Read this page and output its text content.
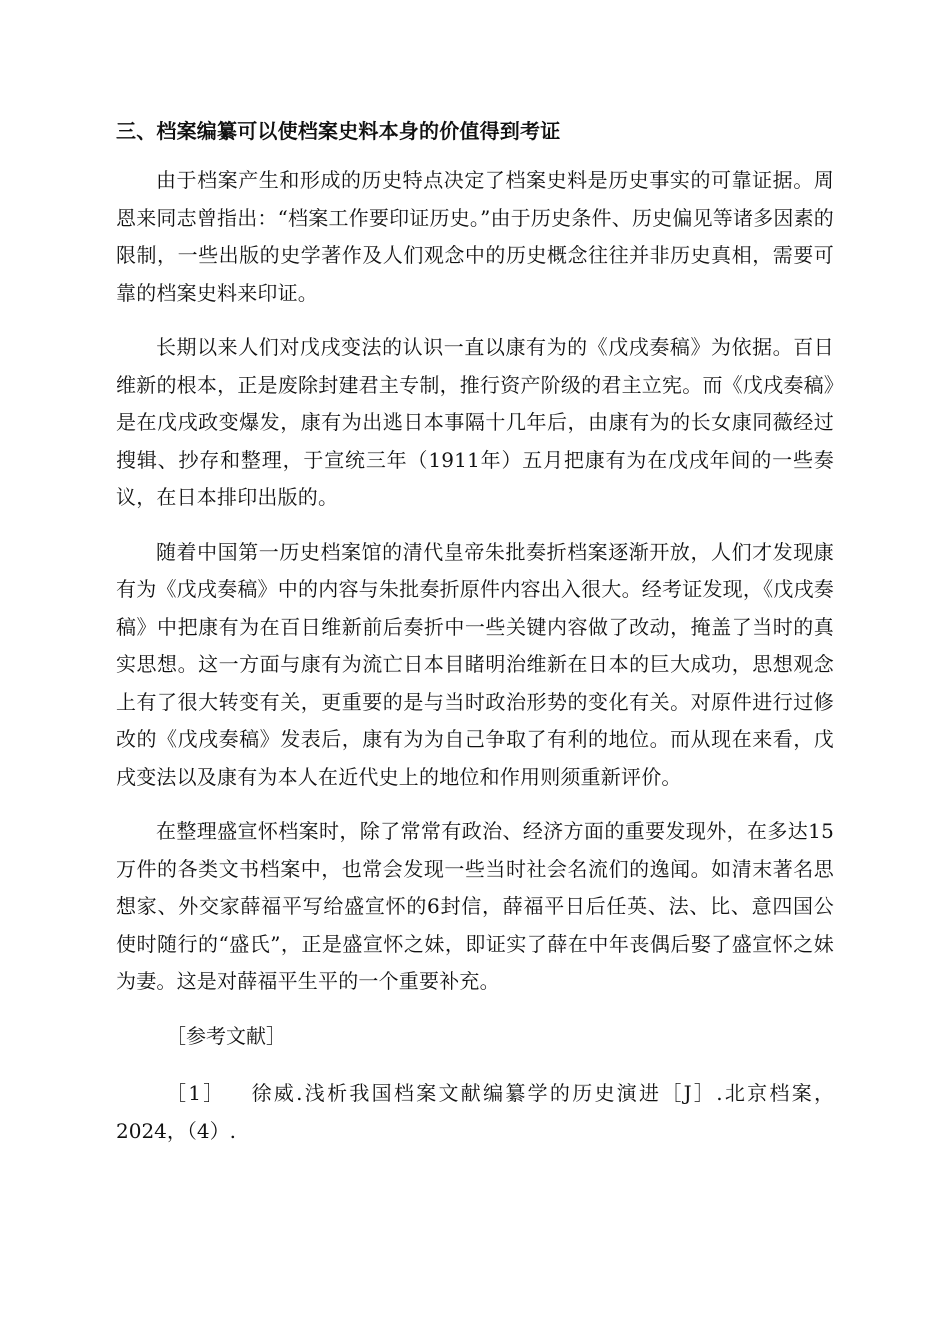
三、档案编纂可以使档案史料本身的价值得到考证

由于档案产生和形成的历史特点决定了档案史料是历史事实的可靠证据。周恩来同志曾指出：“档案工作要印证历史。”由于历史条件、历史偏见等诸多因素的限制，一些出版的史学著作及人们观念中的历史概念往往并非历史真相，需要可靠的档案史料来印证。

长期以来人们对戊戌变法的认识一直以康有为的《戊戌奏稿》为依据。百日维新的根本，正是废除封建君主专制，推行资产阶级的君主立宪。而《戊戌奏稿》是在戊戌政变爆发，康有为出逃日本事隔十几年后，由康有为的长女康同薇经过搜辑、抄存和整理，于宣统三年（1911年）五月把康有为在戊戌年间的一些奏议，在日本排印出版的。

随着中国第一历史档案馆的清代皇帝朱批奏折档案逐渐开放，人们才发现康有为《戊戌奏稿》中的内容与朱批奏折原件内容出入很大。经考证发现，《戊戌奏稿》中把康有为在百日维新前后奏折中一些关键内容做了改动，掩盖了当时的真实思想。这一方面与康有为流亡日本目睹明治维新在日本的巨大成功，思想观念上有了很大转变有关，更重要的是与当时政治形势的变化有关。对原件进行过修改的《戊戌奏稿》发表后，康有为为自己争取了有利的地位。而从现在来看，戊戌变法以及康有为本人在近代史上的地位和作用则须重新评价。

在整理盛宣怀档案时，除了常常有政治、经济方面的重要发现外，在多达15万件的各类文书档案中，也常会发现一些当时社会名流们的逸闻。如清末著名思想家、外交家薛福平写给盛宣怀的6封信，薛福平日后任英、法、比、意四国公使时随行的“盛氏”，正是盛宣怀之妹，即证实了薛在中年丧偶后娶了盛宣怀之妹为妻。这是对薛福平生平的一个重要补充。

［参考文献］

［1］ 徐威.浅析我国档案文献编纂学的历史演进［J］.北京档案，2024，（4）.
